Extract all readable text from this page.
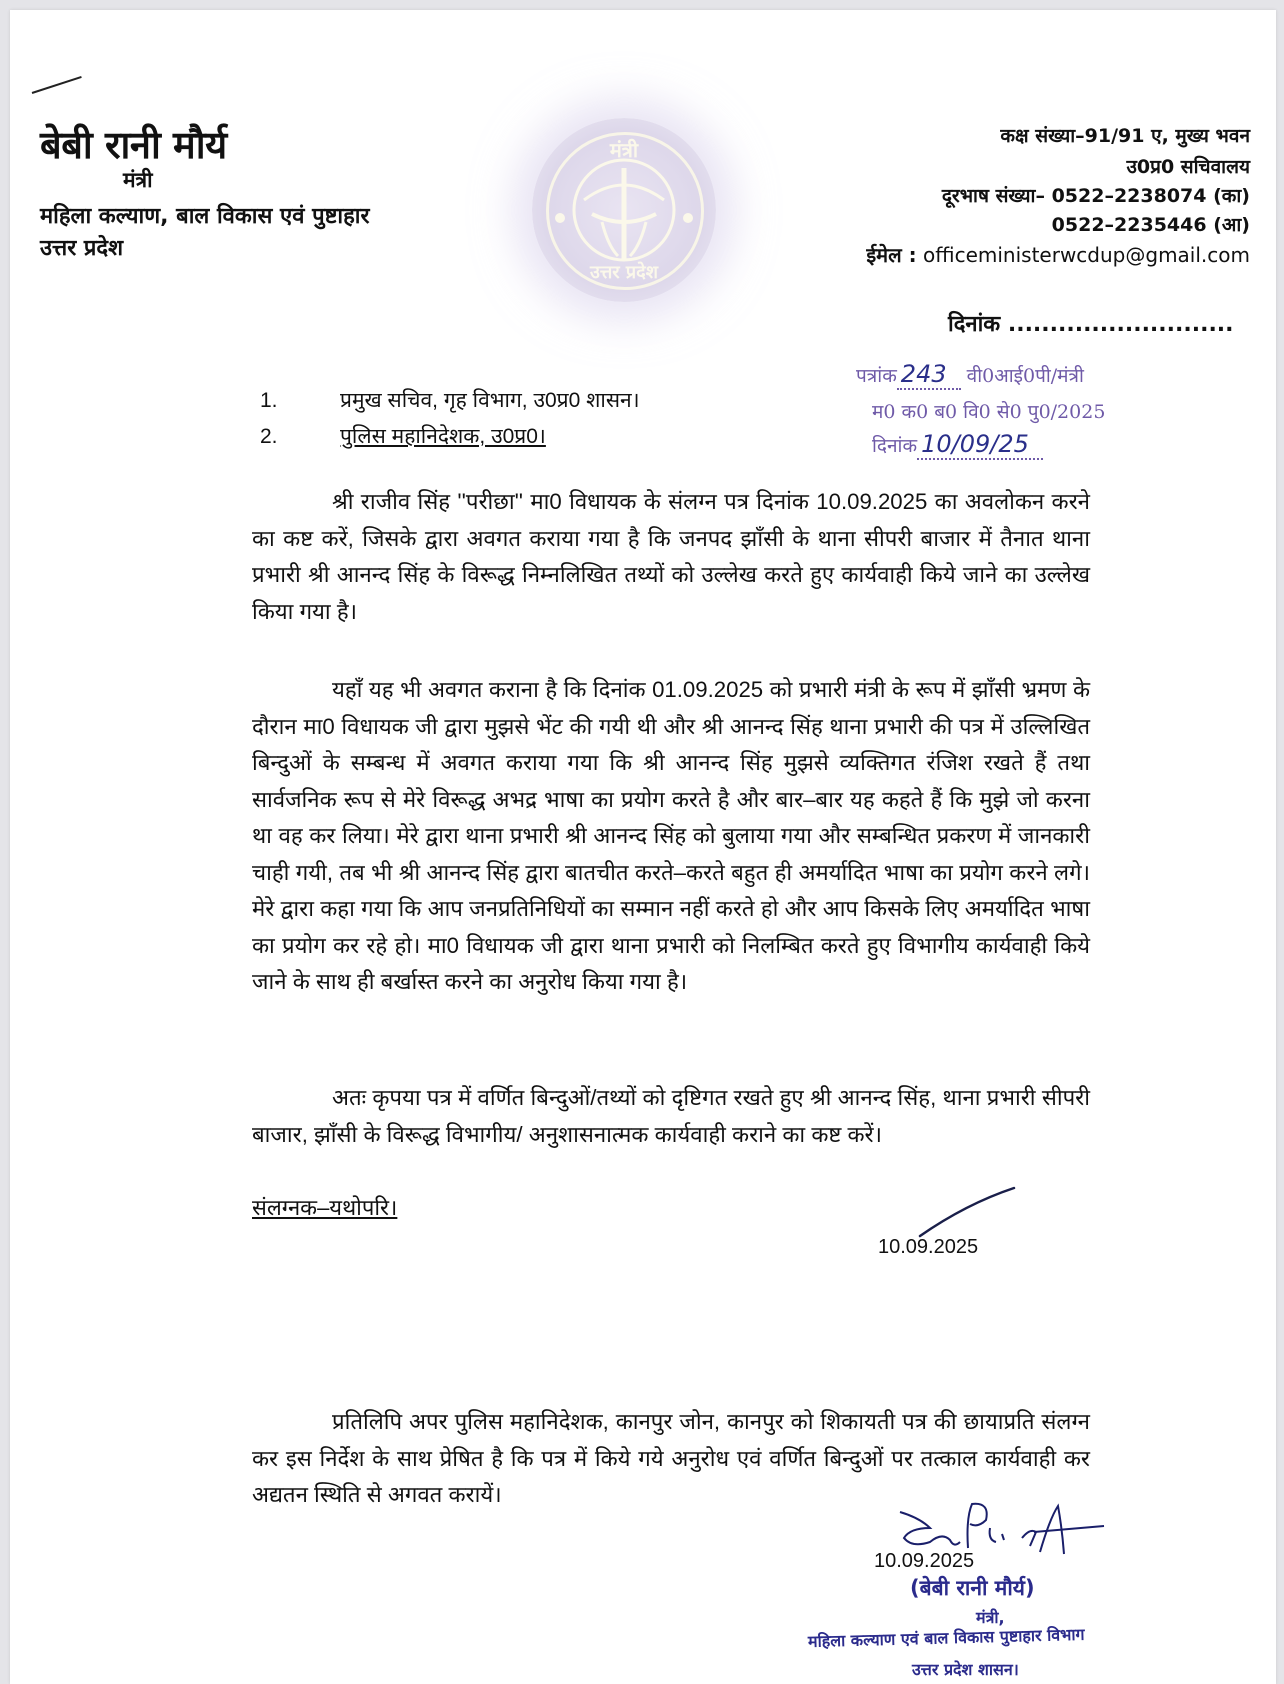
बेबी रानी मौर्य
मंत्री
महिला कल्याण, बाल विकास एवं पुष्टाहार
उत्तर प्रदेश
मंत्री
उत्तर प्रदेश
कक्ष संख्या–91/91 ए, मुख्य भवन
उ0प्र0 सचिवालय
दूरभाष संख्या– 0522–2238074 (का)
0522–2235446 (आ)
ईमेल : officeministerwcdup@gmail.com
दिनांक ...........................
पत्रांक 243 वी0आई0पी/मंत्री
म0 क0 ब0 वि0 से0 पु0/2025
दिनांक 10/09/25
1.	प्रमुख सचिव, गृह विभाग, उ0प्र0 शासन।
2.	पुलिस महानिदेशक, उ0प्र0।
श्री राजीव सिंह ''परीछा'' मा0 विधायक के संलग्न पत्र दिनांक 10.09.2025 का अवलोकन करने का कष्ट करें, जिसके द्वारा अवगत कराया गया है कि जनपद झाँसी के थाना सीपरी बाजार में तैनात थाना प्रभारी श्री आनन्द सिंह के विरूद्ध निम्नलिखित तथ्यों को उल्लेख करते हुए कार्यवाही किये जाने का उल्लेख किया गया है।
यहाँ यह भी अवगत कराना है कि दिनांक 01.09.2025 को प्रभारी मंत्री के रूप में झाँसी भ्रमण के दौरान मा0 विधायक जी द्वारा मुझसे भेंट की गयी थी और श्री आनन्द सिंह थाना प्रभारी की पत्र में उल्लिखित बिन्दुओं के सम्बन्ध में अवगत कराया गया कि श्री आनन्द सिंह मुझसे व्यक्तिगत रंजिश रखते हैं तथा सार्वजनिक रूप से मेरे विरूद्ध अभद्र भाषा का प्रयोग करते है और बार–बार यह कहते हैं कि मुझे जो करना था वह कर लिया। मेरे द्वारा थाना प्रभारी श्री आनन्द सिंह को बुलाया गया और सम्बन्धित प्रकरण में जानकारी चाही गयी, तब भी श्री आनन्द सिंह द्वारा बातचीत करते–करते बहुत ही अमर्यादित भाषा का प्रयोग करने लगे। मेरे द्वारा कहा गया कि आप जनप्रतिनिधियों का सम्मान नहीं करते हो और आप किसके लिए अमर्यादित भाषा का प्रयोग कर रहे हो। मा0 विधायक जी द्वारा थाना प्रभारी को निलम्बित करते हुए विभागीय कार्यवाही किये जाने के साथ ही बर्खास्त करने का अनुरोध किया गया है।
अतः कृपया पत्र में वर्णित बिन्दुओं/तथ्यों को दृष्टिगत रखते हुए श्री आनन्द सिंह, थाना प्रभारी सीपरी बाजार, झाँसी के विरूद्ध विभागीय/ अनुशासनात्मक कार्यवाही कराने का कष्ट करें।
संलग्नक–यथोपरि।
10.09.2025
प्रतिलिपि अपर पुलिस महानिदेशक, कानपुर जोन, कानपुर को शिकायती पत्र की छायाप्रति संलग्न कर इस निर्देश के साथ प्रेषित है कि पत्र में किये गये अनुरोध एवं वर्णित बिन्दुओं पर तत्काल कार्यवाही कर अद्यतन स्थिति से अगवत करायें।
10.09.2025
(बेबी रानी मौर्य)
मंत्री,
महिला कल्याण एवं बाल विकास पुष्टाहार विभाग
उत्तर प्रदेश शासन।
